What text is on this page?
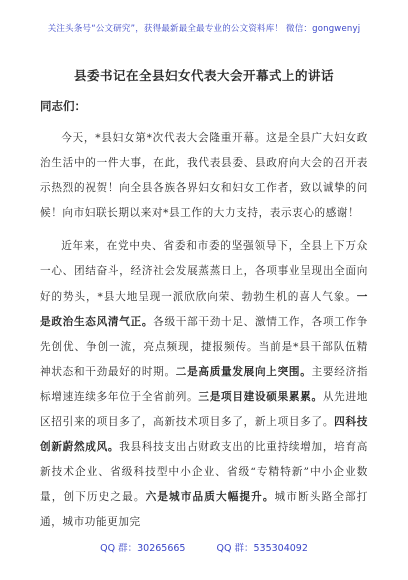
关注头条号“公文研究”，获得最新最全最专业的公文资料库！ 微信：gongwenyj
县委书记在全县妇女代表大会开幕式上的讲话
同志们：

今天，*县妇女第*次代表大会隆重开幕。这是全县广大妇女政治生活中的一件大事，在此，我代表县委、县政府向大会的召开表示热烈的祝贺！向全县各族各界妇女和妇女工作者，致以诚挚的问候！向市妇联长期以来对*县工作的大力支持，表示衷心的感谢！

近年来，在党中央、省委和市委的坚强领导下，全县上下万众一心、团结奋斗，经济社会发展蒸蒸日上，各项事业呈现出全面向好的势头，*县大地呈现一派欣欣向荣、勃勃生机的喜人气象。一是政治生态风清气正。各级干部干劲十足、激情工作，各项工作争先创优、争创一流，亮点频现，捷报频传。当前是*县干部队伍精神状态和干劲最好的时期。二是高质量发展向上突围。主要经济指标增速连续多年位于全省前列。三是项目建设硕果累累。从先进地区招引来的项目多了，高新技术项目多了，新上项目多了。四科技创新蔚然成风。我县科技支出占财政支出的比重持续增加，培育高新技术企业、省级科技型中小企业、省级“专精特新”中小企业数量，创下历史之最。六是城市品质大幅提升。城市断头路全部打通，城市功能更加完

QQ 群：30265665	QQ 群：535304092
